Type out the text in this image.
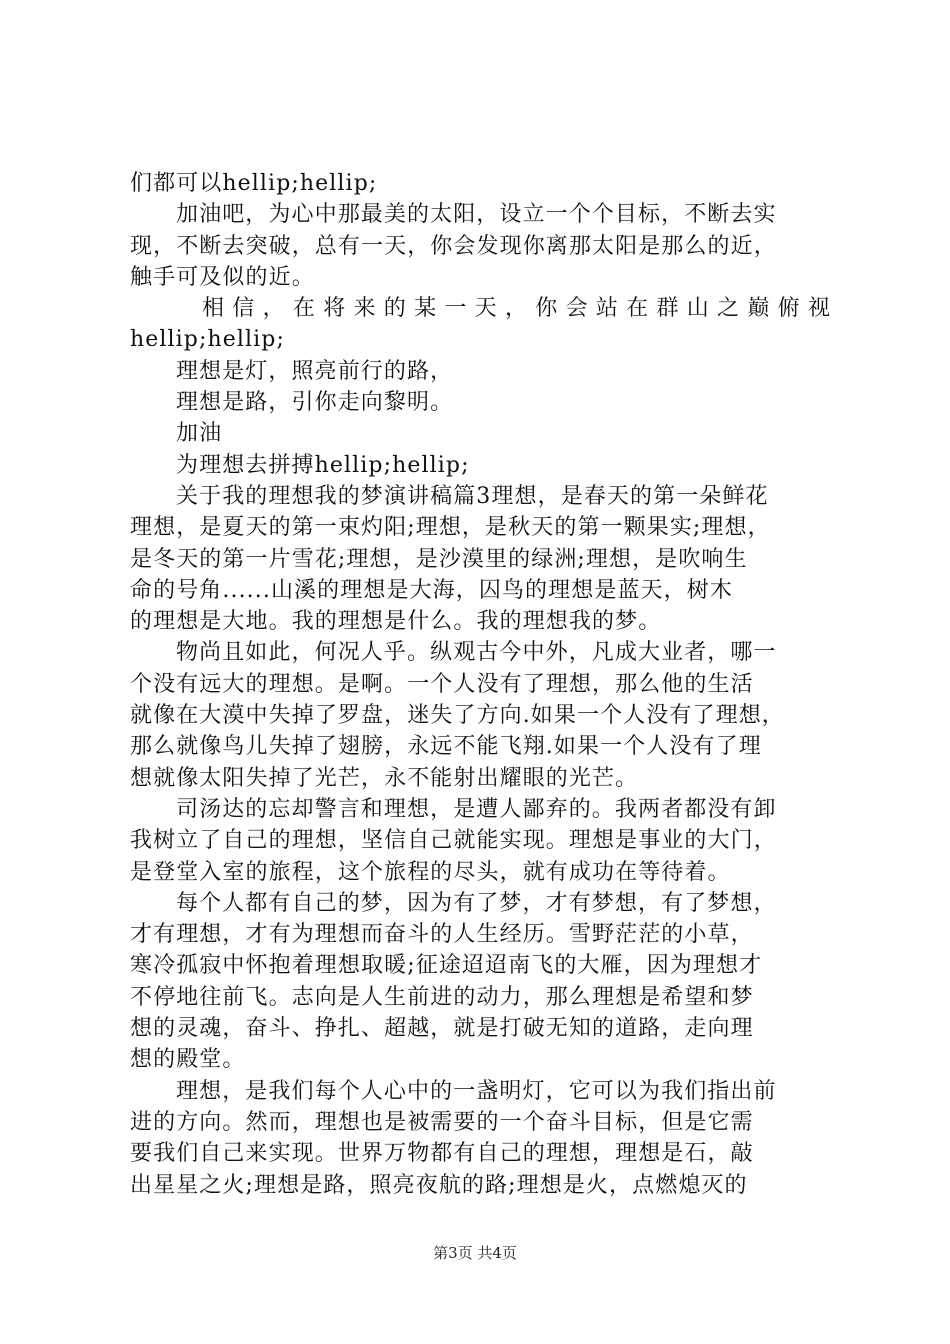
们都可以hellip;hellip;
加油吧，为心中那最美的太阳，设立一个个目标，不断去实
现，不断去突破，总有一天，你会发现你离那太阳是那么的近，
触手可及似的近。
相 信 ， 在 将 来 的 某 一 天 ， 你 会 站 在 群 山 之 巅 俯 视
hellip;hellip;
理想是灯，照亮前行的路，
理想是路，引你走向黎明。
加油
为理想去拼搏hellip;hellip;
关于我的理想我的梦演讲稿篇3理想，是春天的第一朵鲜花
理想，是夏天的第一束灼阳;理想，是秋天的第一颗果实;理想，
是冬天的第一片雪花;理想，是沙漠里的绿洲;理想，是吹响生
命的号角......山溪的理想是大海，囚鸟的理想是蓝天，树木
的理想是大地。我的理想是什么。我的理想我的梦。
物尚且如此，何况人乎。纵观古今中外，凡成大业者，哪一
个没有远大的理想。是啊。一个人没有了理想，那么他的生活
就像在大漠中失掉了罗盘，迷失了方向.如果一个人没有了理想，
那么就像鸟儿失掉了翅膀，永远不能飞翔.如果一个人没有了理
想就像太阳失掉了光芒，永不能射出耀眼的光芒。
司汤达的忘却警言和理想，是遭人鄙弃的。我两者都没有卸
我树立了自己的理想，坚信自己就能实现。理想是事业的大门，
是登堂入室的旅程，这个旅程的尽头，就有成功在等待着。
每个人都有自己的梦，因为有了梦，才有梦想，有了梦想，
才有理想，才有为理想而奋斗的人生经历。雪野茫茫的小草，
寒冷孤寂中怀抱着理想取暖;征途迢迢南飞的大雁，因为理想才
不停地往前飞。志向是人生前进的动力，那么理想是希望和梦
想的灵魂，奋斗、挣扎、超越，就是打破无知的道路，走向理
想的殿堂。
理想，是我们每个人心中的一盏明灯，它可以为我们指出前
进的方向。然而，理想也是被需要的一个奋斗目标，但是它需
要我们自己来实现。世界万物都有自己的理想，理想是石，敲
出星星之火;理想是路，照亮夜航的路;理想是火，点燃熄灭的
第3页 共4页
